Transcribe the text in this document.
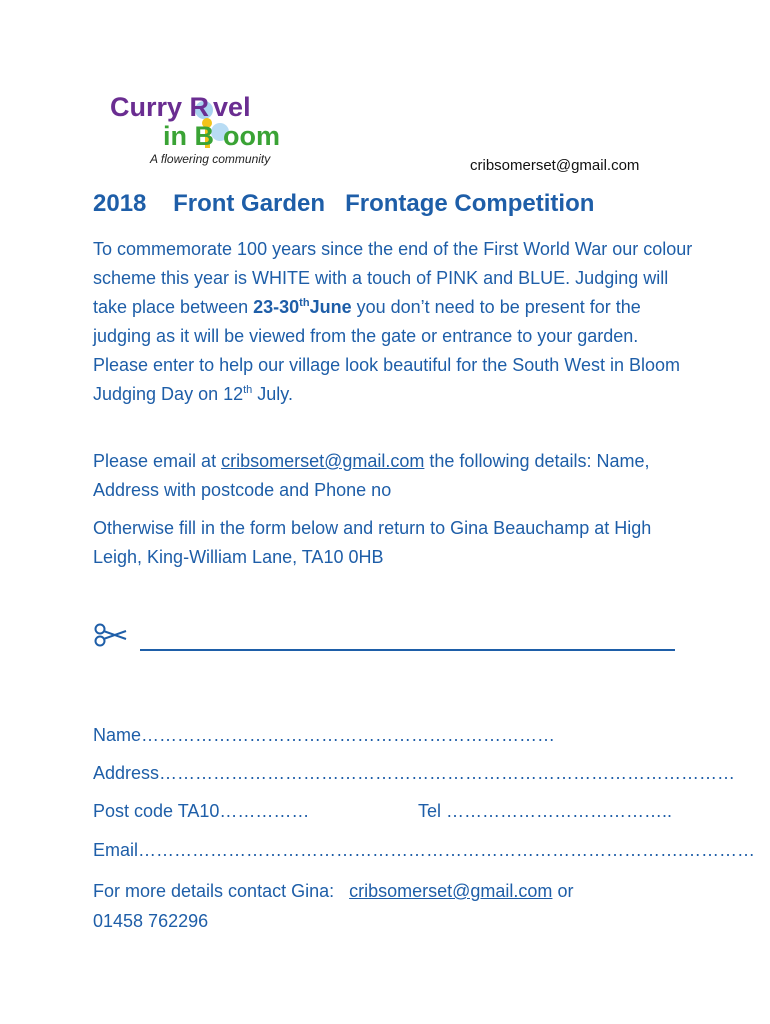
Curry R vel
in B oom
A flowering community	cribsomerset@gmail.com
2018    Front Garden   Frontage Competition

To commemorate 100 years since the end of the First World War our colour scheme this year is WHITE with a touch of PINK and BLUE. Judging will take place between 23-30thJune you don’t need to be present for the judging as it will be viewed from the gate or entrance to your garden. Please enter to help our village look beautiful for the South West in Bloom Judging Day on 12th July.

Please email at cribsomerset@gmail.com the following details: Name, Address with postcode and Phone no

Otherwise fill in the form below and return to Gina Beauchamp at High Leigh, King-William Lane, TA10 0HB

Name……………………………………………………………
Address……………………………………………………………………………………
Post code TA10……………	Tel ………………………………..
Email……………………………………………………………………………….…………
For more details contact Gina:   cribsomerset@gmail.com or
01458 762296
